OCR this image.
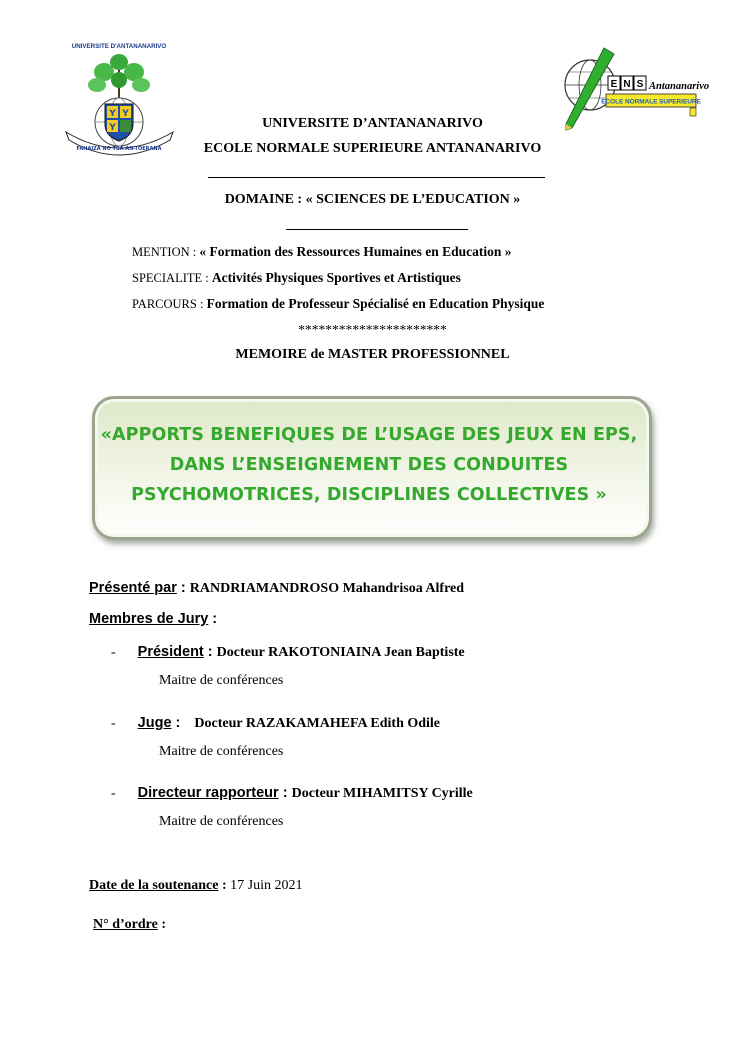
UNIVERSITE D'ANTANANARIVO
Y Y
Y
FAHAIZA NO TSA AN-TOERANA
E N S Antananarivo
ECOLE NORMALE SUPERIEURE
UNIVERSITE D’ANTANANARIVO
ECOLE NORMALE SUPERIEURE ANTANANARIVO
DOMAINE : « SCIENCES DE L’EDUCATION »
MENTION : « Formation des Ressources Humaines en Education »
SPECIALITE : Activités Physiques Sportives et Artistiques
PARCOURS : Formation de Professeur Spécialisé en Education Physique
**********************
MEMOIRE de MASTER PROFESSIONNEL
«APPORTS BENEFIQUES DE L’USAGE DES JEUX EN EPS,
DANS L’ENSEIGNEMENT DES CONDUITES
PSYCHOMOTRICES, DISCIPLINES COLLECTIVES »
Présenté par : RANDRIAMANDROSO Mahandrisoa Alfred
Membres de Jury :
- Président : Docteur RAKOTONIAINA Jean Baptiste
Maitre de conférences
- Juge : Docteur RAZAKAMAHEFA Edith Odile
Maitre de conférences
- Directeur rapporteur : Docteur MIHAMITSY Cyrille
Maitre de conférences
Date de la soutenance : 17 Juin 2021
N° d’ordre :
